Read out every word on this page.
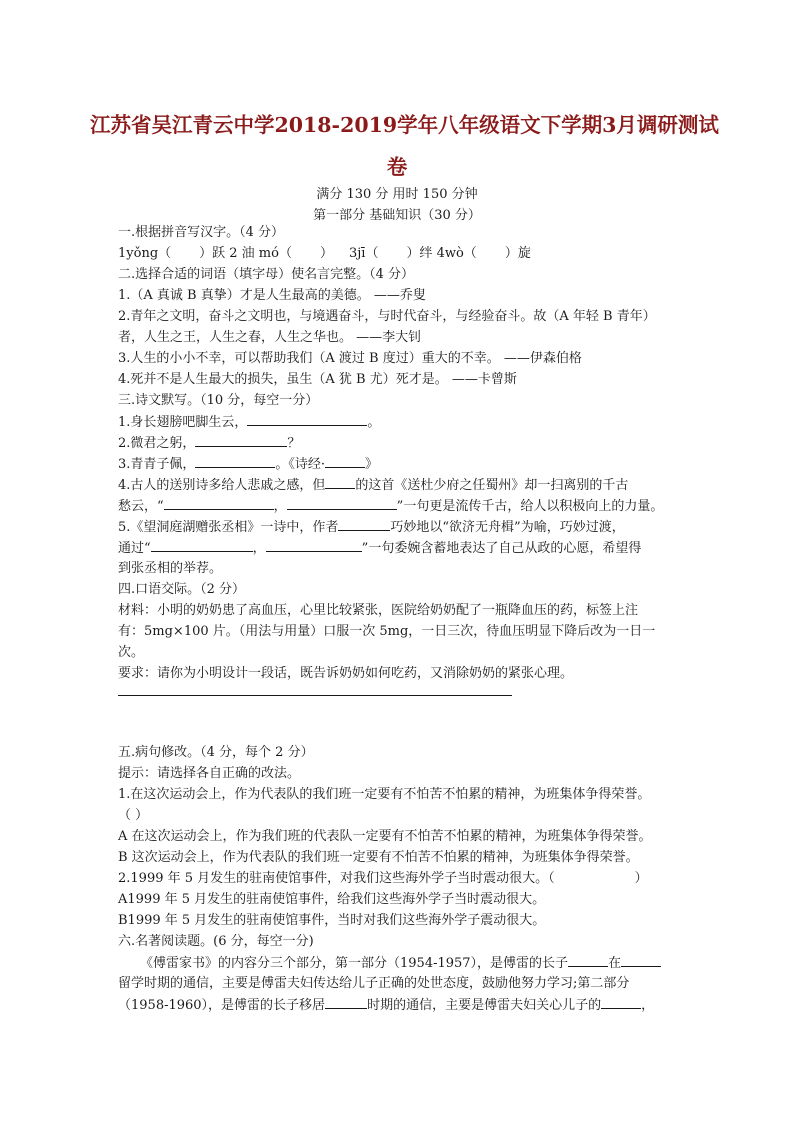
江苏省吴江青云中学2018-2019学年八年级语文下学期3月调研测试
卷
满分 130 分 用时 150 分钟
第一部分 基础知识（30 分）
一.根据拼音写汉字。（4 分）
1yǒng（ ）跃 2 油 mó（ ） 3jī（ ）绊 4wò（ ）旋
二.选择合适的词语（填字母）使名言完整。（4 分）
1.（A 真诚 B 真挚）才是人生最高的美德。 ——乔叟
2.青年之文明，奋斗之文明也，与境遇奋斗，与时代奋斗，与经验奋斗。故（A 年轻 B 青年）
者，人生之王，人生之春，人生之华也。 ——李大钊
3.人生的小小不幸，可以帮助我们（A 渡过 B 度过）重大的不幸。 ——伊森伯格
4.死并不是人生最大的损失，虽生（A 犹 B 尤）死才是。 ——卡曾斯
三.诗文默写。（10 分，每空一分）
1.身长翅膀吧脚生云，	。
2.微君之躬，	？
3.青青子佩，	。《诗经·	》
4.古人的送别诗多给人悲戚之感，但 的这首《送杜少府之任蜀州》却一扫离别的千古
愁云，“	，	”一句更是流传千古，给人以积极向上的力量。
5.《望洞庭湖赠张丞相》一诗中，作者	巧妙地以“欲济无舟楫”为喻，巧妙过渡，
通过“	，	”一句委婉含蓄地表达了自己从政的心愿，希望得
到张丞相的举荐。
四.口语交际。（2 分）
材料：小明的奶奶患了高血压，心里比较紧张，医院给奶奶配了一瓶降血压的药，标签上注
有：5mg×100 片。（用法与用量）口服一次 5mg，一日三次，待血压明显下降后改为一日一
次。
要求：请你为小明设计一段话，既告诉奶奶如何吃药，又消除奶奶的紧张心理。
五.病句修改。（4 分，每个 2 分）
提示：请选择各自正确的改法。
1.在这次运动会上，作为代表队的我们班一定要有不怕苦不怕累的精神，为班集体争得荣誉。
（ ）
A 在这次运动会上，作为我们班的代表队一定要有不怕苦不怕累的精神，为班集体争得荣誉。
B 这次运动会上，作为代表队的我们班一定要有不怕苦不怕累的精神，为班集体争得荣誉。
2.1999 年 5 月发生的驻南使馆事件，对我们这些海外学子当时震动很大。（	）
A1999 年 5 月发生的驻南使馆事件，给我们这些海外学子当时震动很大。
B1999 年 5 月发生的驻南使馆事件，当时对我们这些海外学子震动很大。
六.名著阅读题。(6 分，每空一分)
《傅雷家书》的内容分三个部分，第一部分（1954-1957），是傅雷的长子	在
留学时期的通信，主要是傅雷夫妇传达给儿子正确的处世态度，鼓励他努力学习;第二部分
（1958-1960），是傅雷的长子移居	时期的通信，主要是傅雷夫妇关心儿子的	，
